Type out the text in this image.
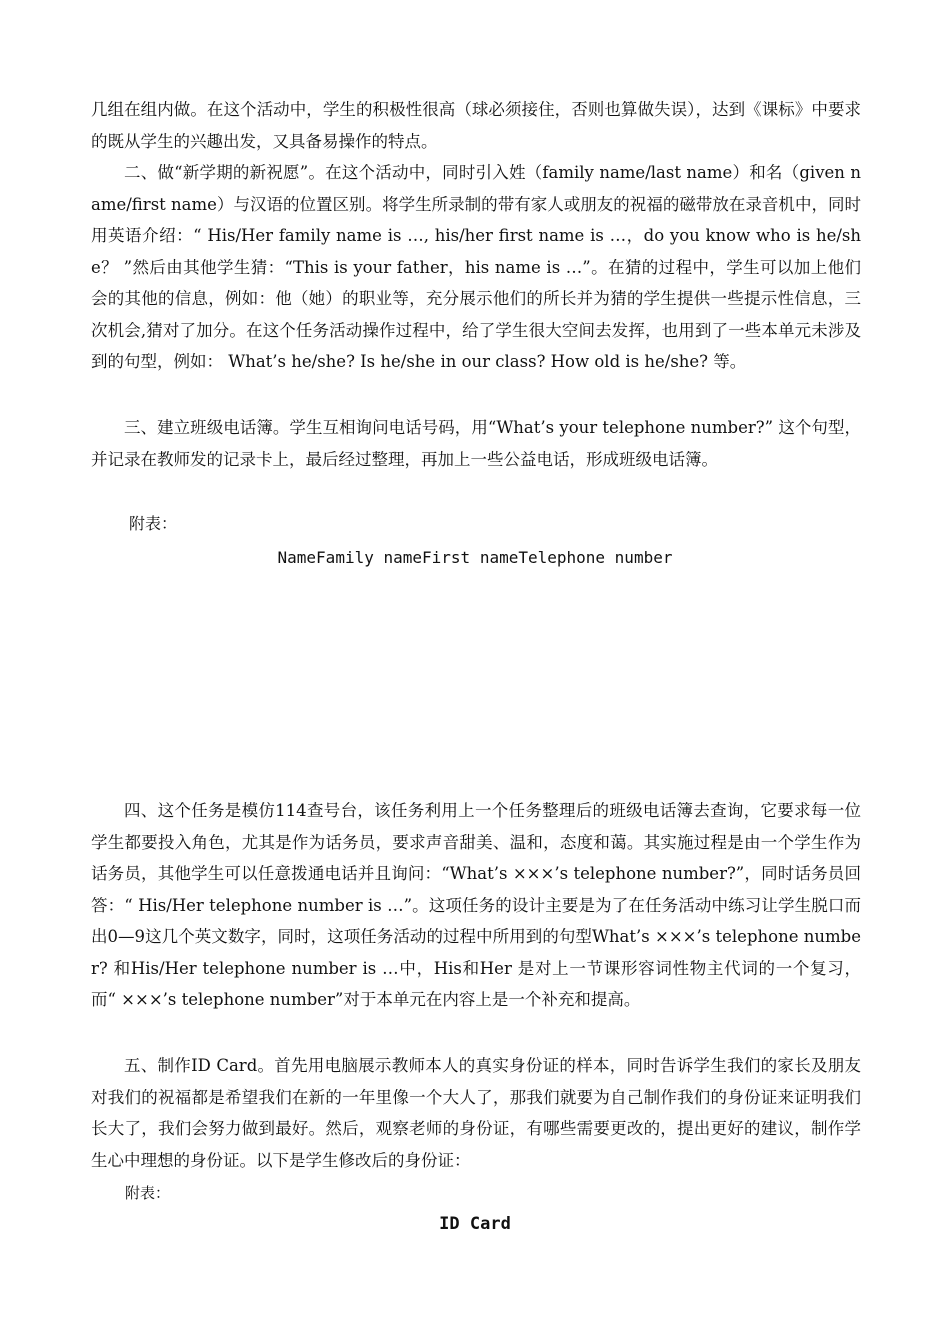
几组在组内做。在这个活动中，学生的积极性很高（球必须接住，否则也算做失误），达到《课标》中要求的既从学生的兴趣出发，又具备易操作的特点。

二、做“新学期的新祝愿”。在这个活动中，同时引入姓（family name/last name）和名（given name/first name）与汉语的位置区别。将学生所录制的带有家人或朋友的祝福的磁带放在录音机中，同时用英语介绍：“ His/Her family name is …, his/her first name is …，do you know who is he/she？ ”然后由其他学生猜：“This is your father，his name is …”。在猜的过程中，学生可以加上他们会的其他的信息，例如：他（她）的职业等，充分展示他们的所长并为猜的学生提供一些提示性信息，三次机会,猜对了加分。在这个任务活动操作过程中，给了学生很大空间去发挥，也用到了一些本单元未涉及到的句型，例如： What’s he/she? Is he/she in our class? How old is he/she? 等。

三、建立班级电话簿。学生互相询问电话号码，用“What’s your telephone number?” 这个句型，并记录在教师发的记录卡上，最后经过整理，再加上一些公益电话，形成班级电话簿。

附表：

NameFamily nameFirst nameTelephone number

四、这个任务是模仿114查号台，该任务利用上一个任务整理后的班级电话簿去查询，它要求每一位学生都要投入角色，尤其是作为话务员，要求声音甜美、温和，态度和蔼。其实施过程是由一个学生作为话务员，其他学生可以任意拨通电话并且询问：“What’s ×××’s telephone number?”，同时话务员回答：“ His/Her telephone number is …”。这项任务的设计主要是为了在任务活动中练习让学生脱口而出0—9这几个英文数字，同时，这项任务活动的过程中所用到的句型What’s ×××’s telephone number? 和His/Her telephone number is …中，His和Her 是对上一节课形容词性物主代词的一个复习，而“ ×××’s telephone number”对于本单元在内容上是一个补充和提高。

五、制作ID Card。首先用电脑展示教师本人的真实身份证的样本，同时告诉学生我们的家长及朋友对我们的祝福都是希望我们在新的一年里像一个大人了，那我们就要为自己制作我们的身份证来证明我们长大了，我们会努力做到最好。然后，观察老师的身份证，有哪些需要更改的，提出更好的建议，制作学生心中理想的身份证。以下是学生修改后的身份证：

附表：

ID Card
